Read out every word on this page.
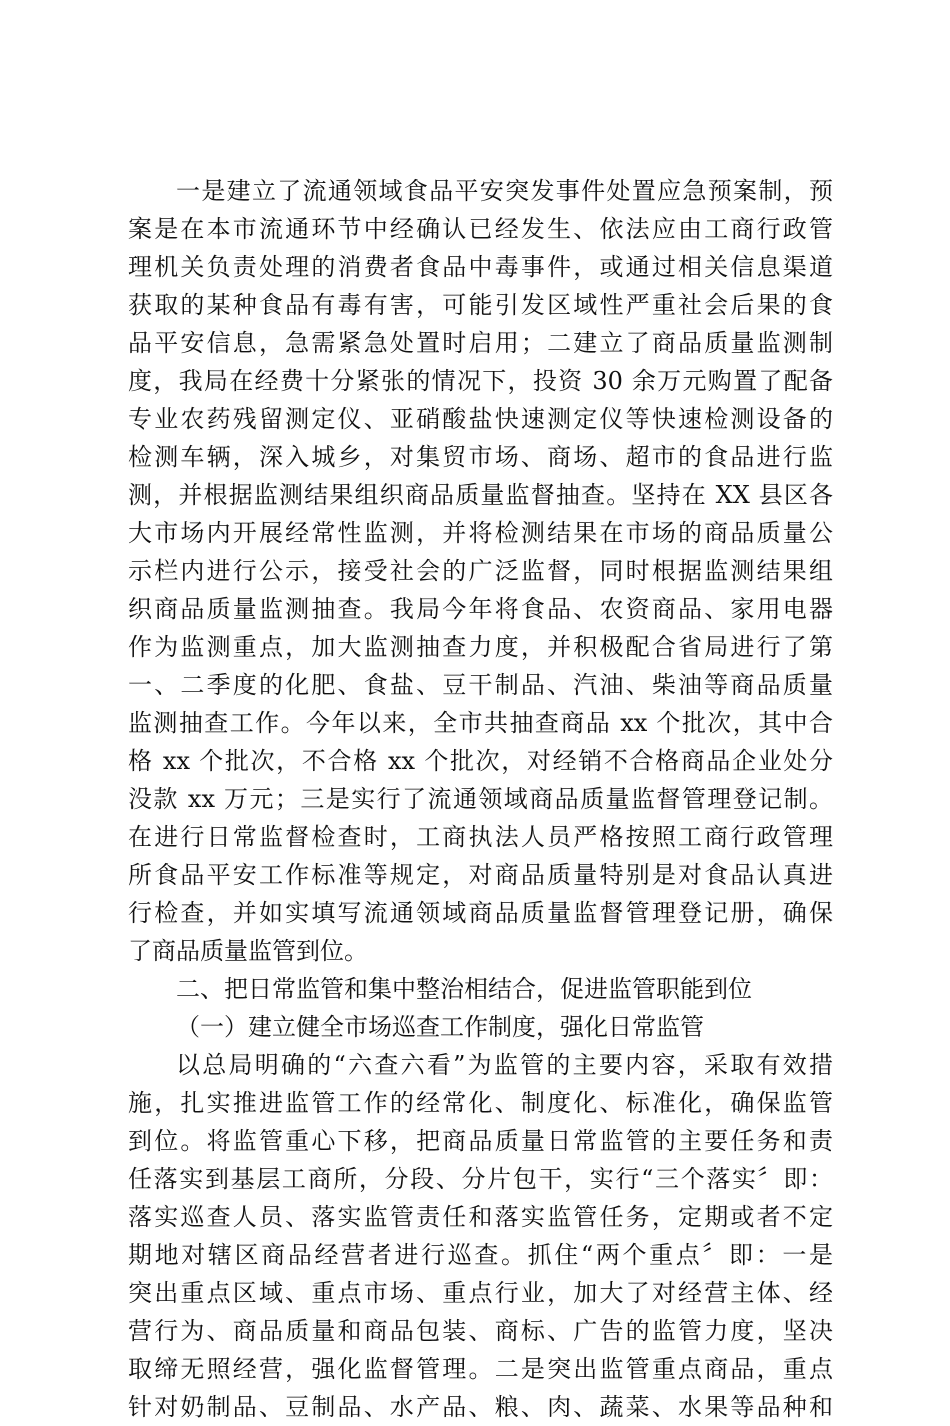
一是建立了流通领域食品平安突发事件处置应急预案制，预
案是在本市流通环节中经确认已经发生、依法应由工商行政管
理机关负责处理的消费者食品中毒事件，或通过相关信息渠道
获取的某种食品有毒有害，可能引发区域性严重社会后果的食
品平安信息，急需紧急处置时启用；二建立了商品质量监测制
度，我局在经费十分紧张的情况下，投资 30 余万元购置了配备
专业农药残留测定仪、亚硝酸盐快速测定仪等快速检测设备的
检测车辆，深入城乡，对集贸市场、商场、超市的食品进行监
测，并根据监测结果组织商品质量监督抽查。坚持在 XX 县区各
大市场内开展经常性监测，并将检测结果在市场的商品质量公
示栏内进行公示，接受社会的广泛监督，同时根据监测结果组
织商品质量监测抽查。我局今年将食品、农资商品、家用电器
作为监测重点，加大监测抽查力度，并积极配合省局进行了第
一、二季度的化肥、食盐、豆干制品、汽油、柴油等商品质量
监测抽查工作。今年以来，全市共抽查商品 xx 个批次，其中合
格 xx 个批次，不合格 xx 个批次，对经销不合格商品企业处分
没款 xx 万元；三是实行了流通领域商品质量监督管理登记制。
在进行日常监督检查时，工商执法人员严格按照工商行政管理
所食品平安工作标准等规定，对商品质量特别是对食品认真进
行检查，并如实填写流通领域商品质量监督管理登记册，确保
了商品质量监管到位。
二、把日常监管和集中整治相结合，促进监管职能到位
（一）建立健全市场巡查工作制度，强化日常监管
以总局明确的“六查六看”为监管的主要内容，采取有效措
施，扎实推进监管工作的经常化、制度化、标准化，确保监管
到位。将监管重心下移，把商品质量日常监管的主要任务和责
任落实到基层工商所，分段、分片包干，实行“三个落实〞即：
落实巡查人员、落实监管责任和落实监管任务，定期或者不定
期地对辖区商品经营者进行巡查。抓住“两个重点〞即：一是
突出重点区域、重点市场、重点行业，加大了对经营主体、经
营行为、商品质量和商品包装、商标、广告的监管力度，坚决
取缔无照经营，强化监督管理。二是突出监管重点商品，重点
针对奶制品、豆制品、水产品、粮、肉、蔬菜、水果等品种和
